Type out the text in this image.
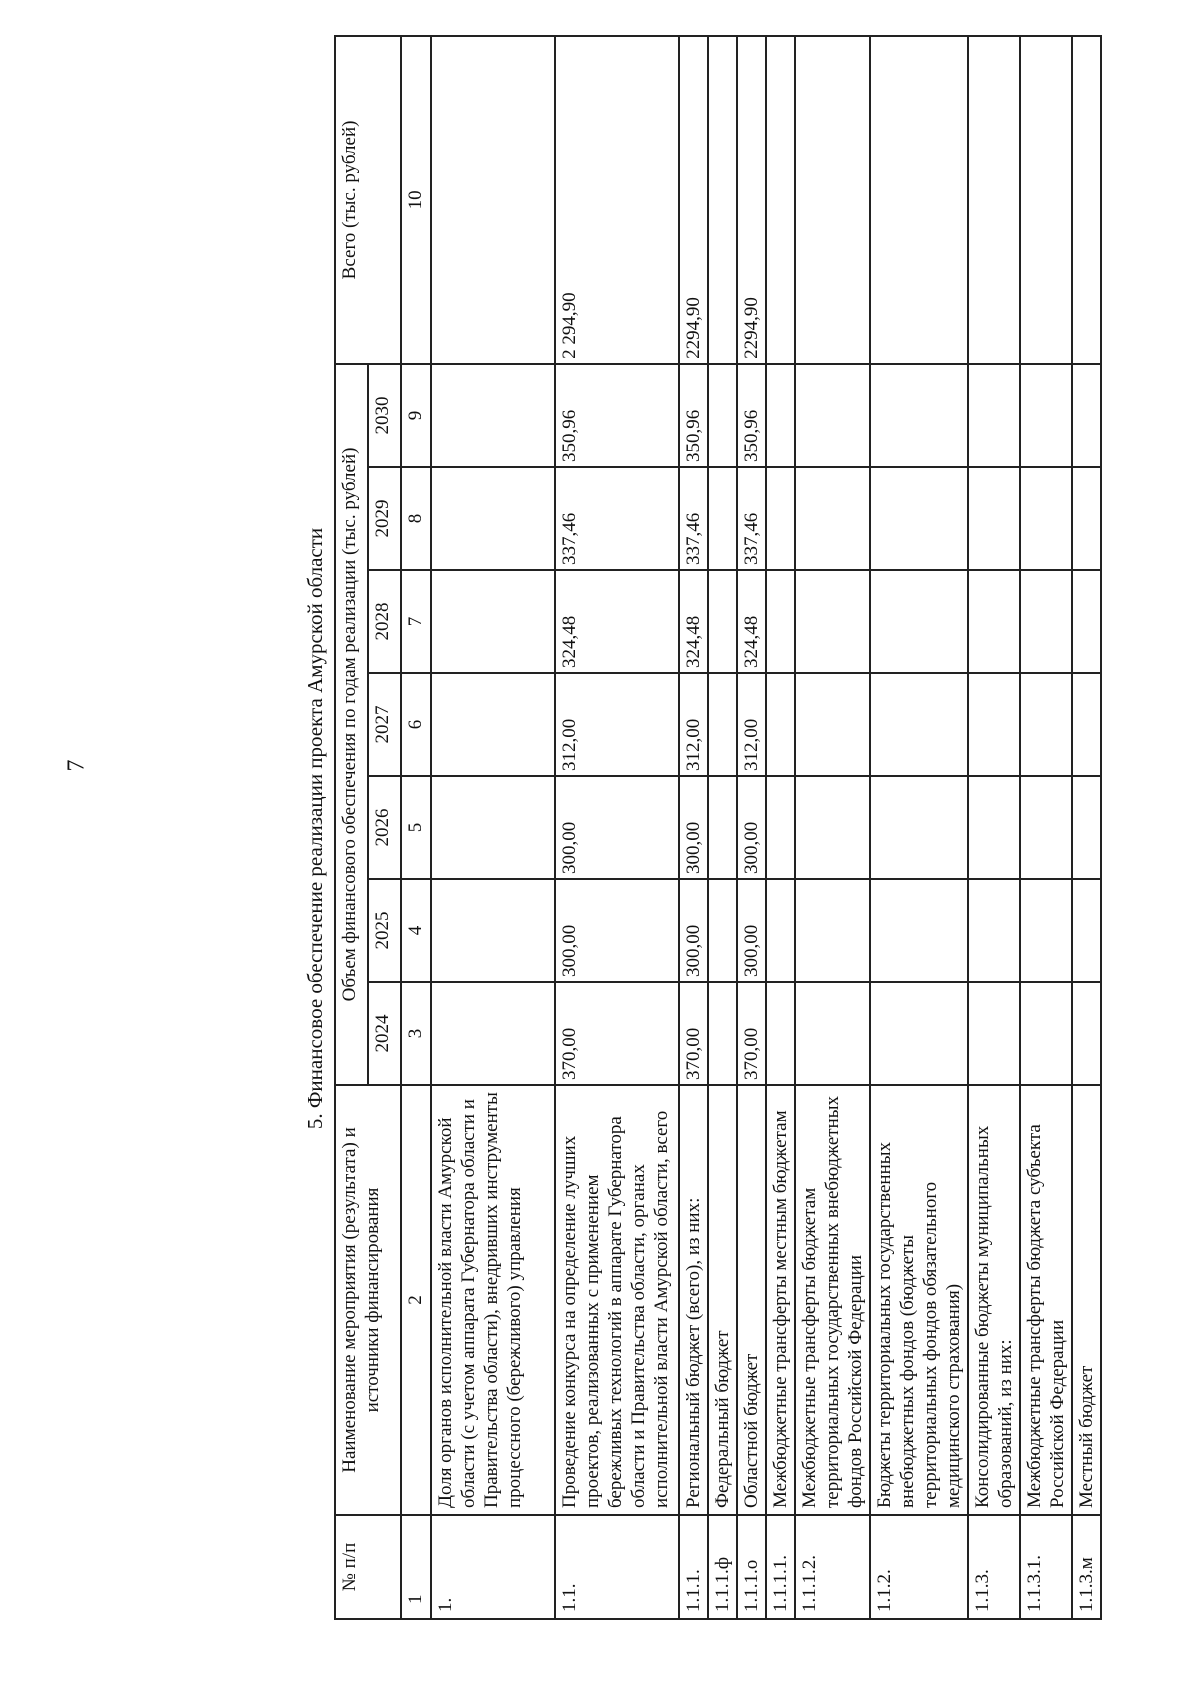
7	5. Финансовое обеспечение реализации проекта Амурской области
№ п/п	Наименование мероприятия (результата) и источники финансирования	Объем финансового обеспечения по годам реализации (тыс. рублей)							Всего (тыс. рублей)
		2024	2025	2026	2027	2028	2029	2030	
1	2	3	4	5	6	7	8	9	10
1.	Доля органов исполнительной власти Амурской области (с учетом аппарата Губернатора области и Правительства области), внедривших инструменты процессного (бережливого) управления								
1.1.	Проведение конкурса на определение лучших проектов, реализованных с применением бережливых технологий в аппарате Губернатора области и Правительства области, органах исполнительной власти Амурской области, всего	370,00	300,00	300,00	312,00	324,48	337,46	350,96	2 294,90
1.1.1.	Региональный бюджет (всего), из них:	370,00	300,00	300,00	312,00	324,48	337,46	350,96	2294,90
1.1.1.ф	Федеральный бюджет								
1.1.1.о	Областной бюджет	370,00	300,00	300,00	312,00	324,48	337,46	350,96	2294,90
1.1.1.1.	Межбюджетные трансферты местным бюджетам								
1.1.1.2.	Межбюджетные трансферты бюджетам территориальных государственных внебюджетных фондов Российской Федерации								
1.1.2.	Бюджеты территориальных государственных внебюджетных фондов (бюджеты территориальных фондов обязательного медицинского страхования)								
1.1.3.	Консолидированные бюджеты муниципальных образований, из них:								
1.1.3.1.	Межбюджетные трансферты бюджета субъекта Российской Федерации								
1.1.3.м	Местный бюджет								
